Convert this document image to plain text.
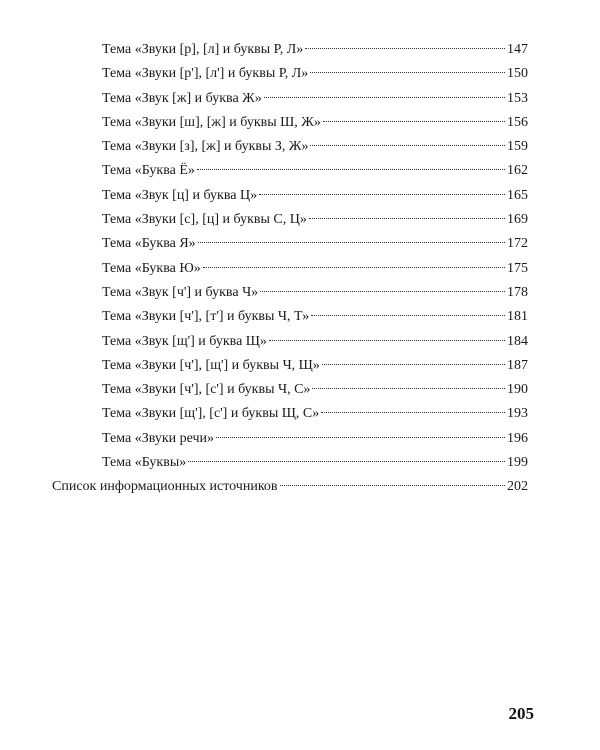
Тема «Звуки [р], [л] и буквы Р, Л»	147
Тема «Звуки [р'], [л'] и буквы Р, Л»	150
Тема «Звук [ж] и буква Ж»	153
Тема «Звуки [ш], [ж] и буквы Ш, Ж»	156
Тема «Звуки [з], [ж] и буквы З, Ж»	159
Тема «Буква Ё»	162
Тема «Звук [ц] и буква Ц»	165
Тема «Звуки [с], [ц] и буквы С, Ц»	169
Тема «Буква Я»	172
Тема «Буква Ю»	175
Тема «Звук [ч'] и буква Ч»	178
Тема «Звуки [ч'], [т'] и буквы Ч, Т»	181
Тема «Звук [щ'] и буква Щ»	184
Тема «Звуки [ч'], [щ'] и буквы Ч, Щ»	187
Тема «Звуки [ч'], [с'] и буквы Ч, С»	190
Тема «Звуки [щ'], [с'] и буквы Щ, С»	193
Тема «Звуки речи»	196
Тема «Буквы»	199
Список информационных источников	202
205
